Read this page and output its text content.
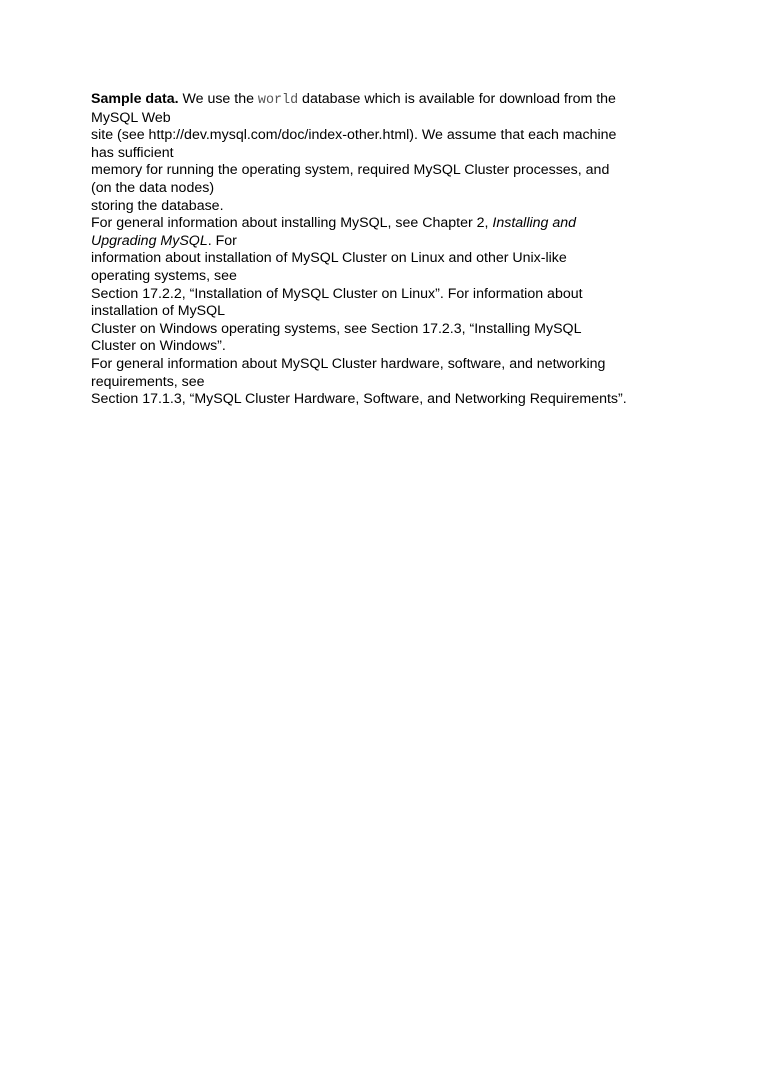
Sample data. We use the world database which is available for download from the
MySQL Web
site (see http://dev.mysql.com/doc/index-other.html). We assume that each machine
has sufficient
memory for running the operating system, required MySQL Cluster processes, and
(on the data nodes)
storing the database.
For general information about installing MySQL, see Chapter 2, Installing and
Upgrading MySQL. For
information about installation of MySQL Cluster on Linux and other Unix-like
operating systems, see
Section 17.2.2, “Installation of MySQL Cluster on Linux”. For information about
installation of MySQL
Cluster on Windows operating systems, see Section 17.2.3, “Installing MySQL
Cluster on Windows”.
For general information about MySQL Cluster hardware, software, and networking
requirements, see
Section 17.1.3, “MySQL Cluster Hardware, Software, and Networking Requirements”.
